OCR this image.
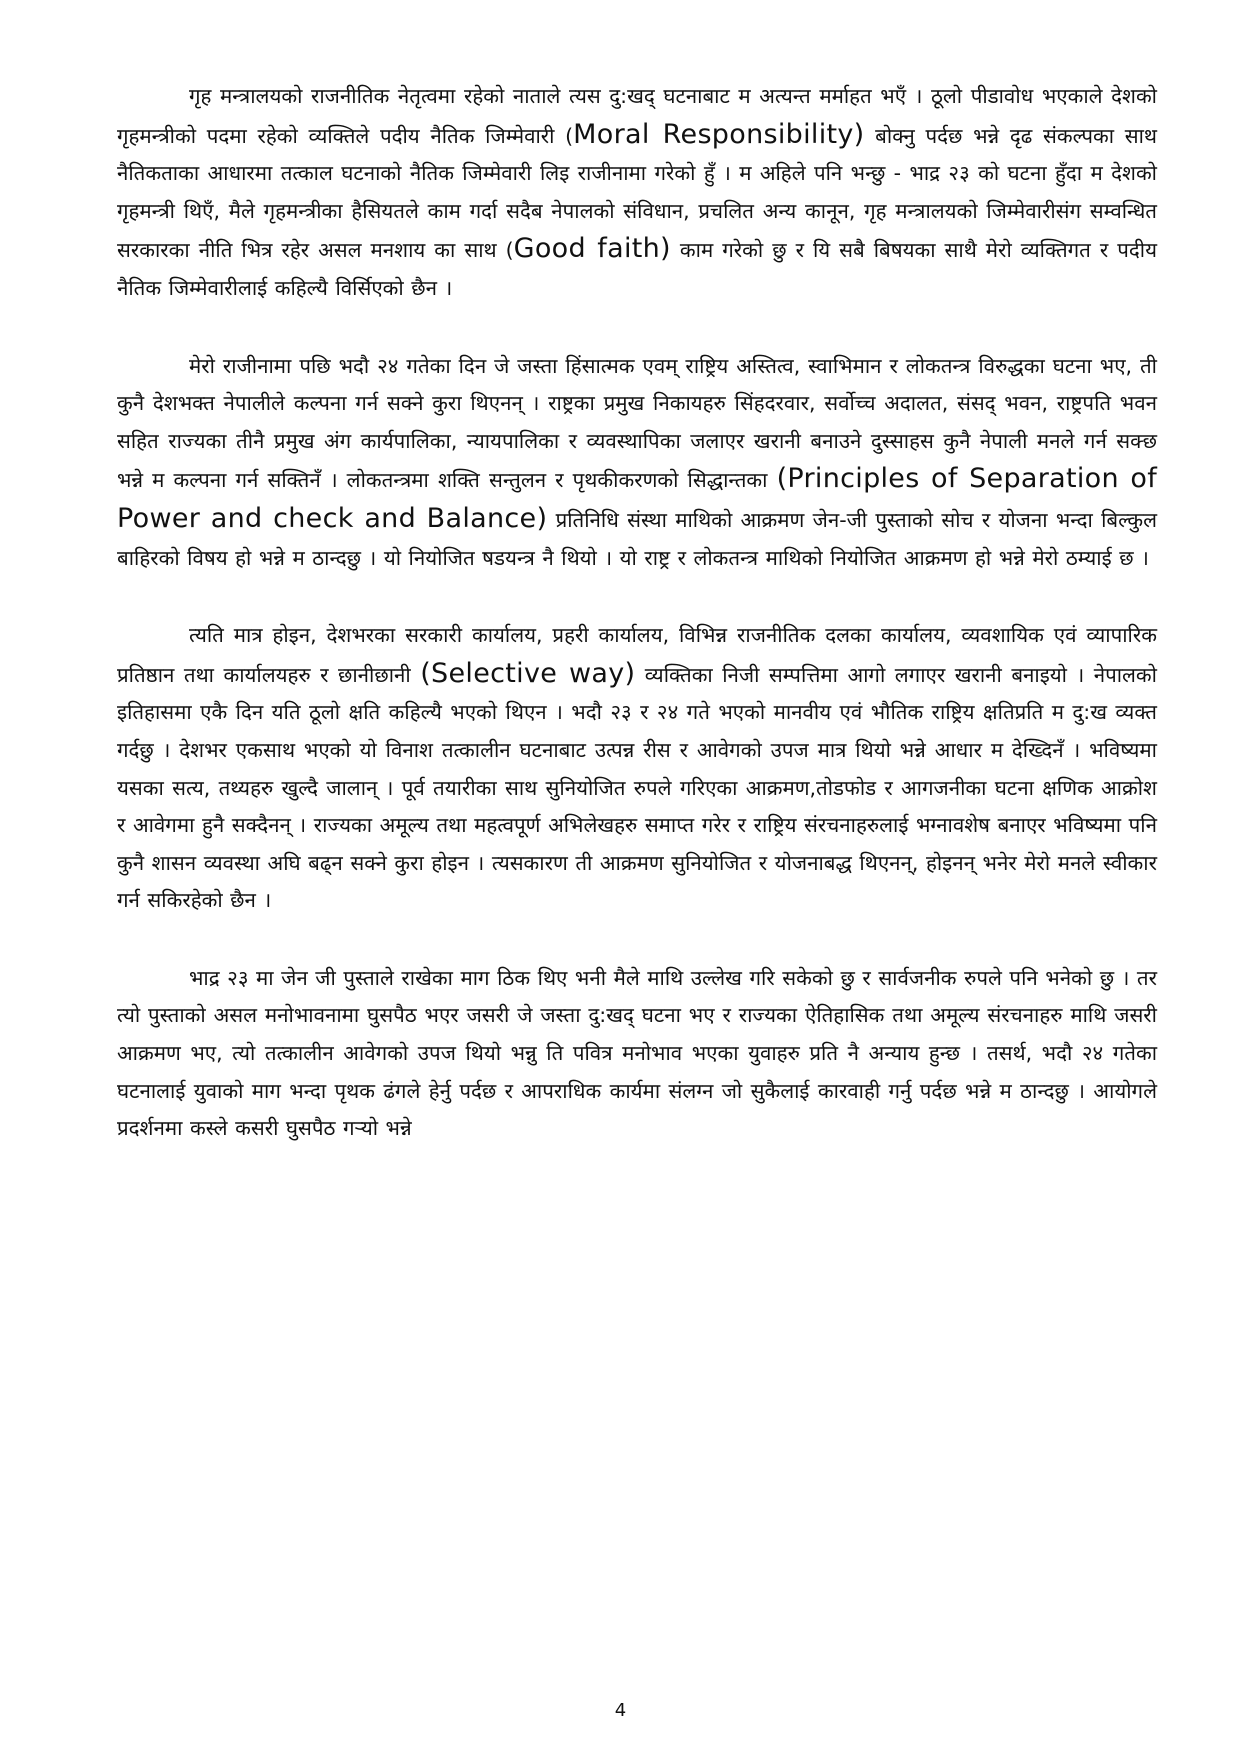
गृह मन्त्रालयको राजनीतिक नेतृत्वमा रहेको नाताले त्यस दु:खद् घटनाबाट म अत्यन्त मर्माहत भएँ । ठूलो पीडावोध भएकाले देशको गृहमन्त्रीको पदमा रहेको व्यक्तिले पदीय नैतिक जिम्मेवारी (Moral Responsibility) बोक्नु पर्दछ भन्ने दृढ संकल्पका साथ नैतिकताका आधारमा तत्काल घटनाको नैतिक जिम्मेवारी लिइ राजीनामा गरेको हुँ । म अहिले पनि भन्छु - भाद्र २३ को घटना हुँदा म देशको गृहमन्त्री थिएँ, मैले गृहमन्त्रीका हैसियतले काम गर्दा सदैब नेपालको संविधान, प्रचलित अन्य कानून, गृह मन्त्रालयको जिम्मेवारीसंग सम्वन्धित सरकारका नीति भित्र रहेर असल मनशाय का साथ (Good faith) काम गरेको छु र यि सबै बिषयका साथै मेरो व्यक्तिगत र पदीय नैतिक जिम्मेवारीलाई कहिल्यै विर्सिएको छैन ।

मेरो राजीनामा पछि भदौ २४ गतेका दिन जे जस्ता हिंसात्मक एवम् राष्ट्रिय अस्तित्व, स्वाभिमान र लोकतन्त्र विरुद्धका घटना भए, ती कुनै देशभक्त नेपालीले कल्पना गर्न सक्ने कुरा थिएनन् । राष्ट्रका प्रमुख निकायहरु सिंहदरवार, सर्वोच्च अदालत, संसद् भवन, राष्ट्रपति भवन सहित राज्यका तीनै प्रमुख अंग कार्यपालिका, न्यायपालिका र व्यवस्थापिका जलाएर खरानी बनाउने दुस्साहस कुनै नेपाली मनले गर्न सक्छ भन्ने म कल्पना गर्न सक्तिनँ । लोकतन्त्रमा शक्ति सन्तुलन र पृथकीकरणको सिद्धान्तका (Principles of Separation of Power and check and Balance) प्रतिनिधि संस्था माथिको आक्रमण जेन-जी पुस्ताको सोच र योजना भन्दा बिल्कुल बाहिरको विषय हो भन्ने म ठान्दछु । यो नियोजित षडयन्त्र नै थियो । यो राष्ट्र र लोकतन्त्र माथिको नियोजित आक्रमण हो भन्ने मेरो ठम्याई छ ।

त्यति मात्र होइन, देशभरका सरकारी कार्यालय, प्रहरी कार्यालय, विभिन्न राजनीतिक दलका कार्यालय, व्यवशायिक एवं व्यापारिक प्रतिष्ठान तथा कार्यालयहरु र छानीछानी (Selective way) व्यक्तिका निजी सम्पत्तिमा आगो लगाएर खरानी बनाइयो । नेपालको इतिहासमा एकै दिन यति ठूलो क्षति कहिल्यै भएको थिएन । भदौ २३ र २४ गते भएको मानवीय एवं भौतिक राष्ट्रिय क्षतिप्रति म दु:ख व्यक्त गर्दछु । देशभर एकसाथ भएको यो विनाश तत्कालीन घटनाबाट उत्पन्न रीस र आवेगको उपज मात्र थियो भन्ने आधार म देख्दिनँ । भविष्यमा यसका सत्य, तथ्यहरु खुल्दै जालान् । पूर्व तयारीका साथ सुनियोजित रुपले गरिएका आक्रमण,तोडफोड र आगजनीका घटना क्षणिक आक्रोश र आवेगमा हुनै सक्दैनन् । राज्यका अमूल्य तथा महत्वपूर्ण अभिलेखहरु समाप्त गरेर र राष्ट्रिय संरचनाहरुलाई भग्नावशेष बनाएर भविष्यमा पनि कुनै शासन व्यवस्था अघि बढ्न सक्ने कुरा होइन । त्यसकारण ती आक्रमण सुनियोजित र योजनाबद्ध थिएनन्, होइनन् भनेर मेरो मनले स्वीकार गर्न सकिरहेको छैन ।

भाद्र २३ मा जेन जी पुस्ताले राखेका माग ठिक थिए भनी मैले माथि उल्लेख गरि सकेको छु र सार्वजनीक रुपले पनि भनेको छु । तर त्यो पुस्ताको असल मनोभावनामा घुसपैठ भएर जसरी जे जस्ता दु:खद् घटना भए र राज्यका ऐतिहासिक तथा अमूल्य संरचनाहरु माथि जसरी आक्रमण भए, त्यो तत्कालीन आवेगको उपज थियो भन्नु ति पवित्र मनोभाव भएका युवाहरु प्रति नै अन्याय हुन्छ । तसर्थ, भदौ २४ गतेका घटनालाई युवाको माग भन्दा पृथक ढंगले हेर्नु पर्दछ र आपराधिक कार्यमा संलग्न जो सुकैलाई कारवाही गर्नु पर्दछ भन्ने म ठान्दछु । आयोगले प्रदर्शनमा कस्ले कसरी घुसपैठ गर्‍यो भन्ने

4
